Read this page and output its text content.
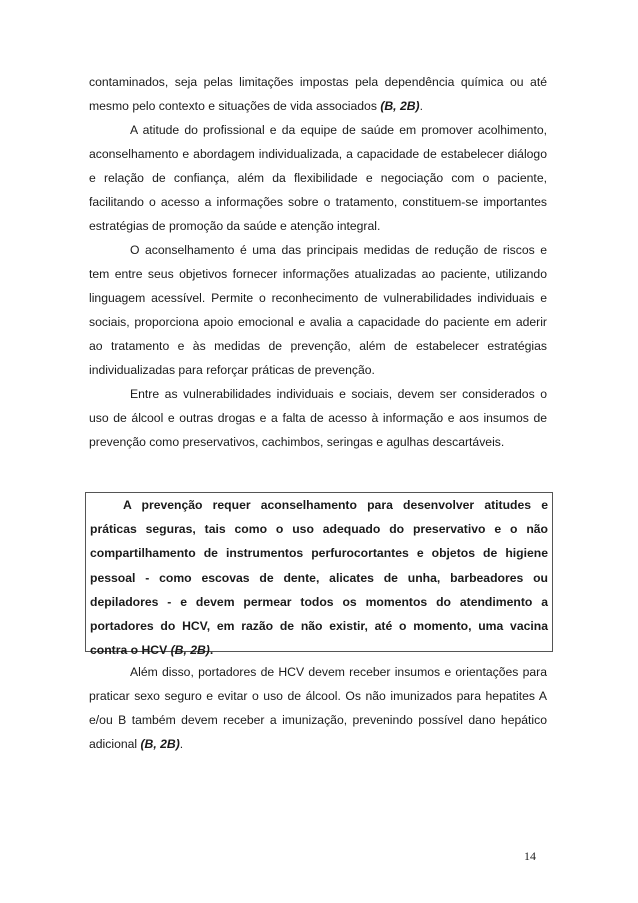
contaminados, seja pelas limitações impostas pela dependência química ou até mesmo pelo contexto e situações de vida associados (B, 2B).

A atitude do profissional e da equipe de saúde em promover acolhimento, aconselhamento e abordagem individualizada, a capacidade de estabelecer diálogo e relação de confiança, além da flexibilidade e negociação com o paciente, facilitando o acesso a informações sobre o tratamento, constituem-se importantes estratégias de promoção da saúde e atenção integral.

O aconselhamento é uma das principais medidas de redução de riscos e tem entre seus objetivos fornecer informações atualizadas ao paciente, utilizando linguagem acessível. Permite o reconhecimento de vulnerabilidades individuais e sociais, proporciona apoio emocional e avalia a capacidade do paciente em aderir ao tratamento e às medidas de prevenção, além de estabelecer estratégias individualizadas para reforçar práticas de prevenção.

Entre as vulnerabilidades individuais e sociais, devem ser considerados o uso de álcool e outras drogas e a falta de acesso à informação e aos insumos de prevenção como preservativos, cachimbos, seringas e agulhas descartáveis.

A prevenção requer aconselhamento para desenvolver atitudes e práticas seguras, tais como o uso adequado do preservativo e o não compartilhamento de instrumentos perfurocortantes e objetos de higiene pessoal - como escovas de dente, alicates de unha, barbeadores ou depiladores - e devem permear todos os momentos do atendimento a portadores do HCV, em razão de não existir, até o momento, uma vacina contra o HCV (B, 2B).

Além disso, portadores de HCV devem receber insumos e orientações para praticar sexo seguro e evitar o uso de álcool. Os não imunizados para hepatites A e/ou B também devem receber a imunização, prevenindo possível dano hepático adicional (B, 2B).

14
